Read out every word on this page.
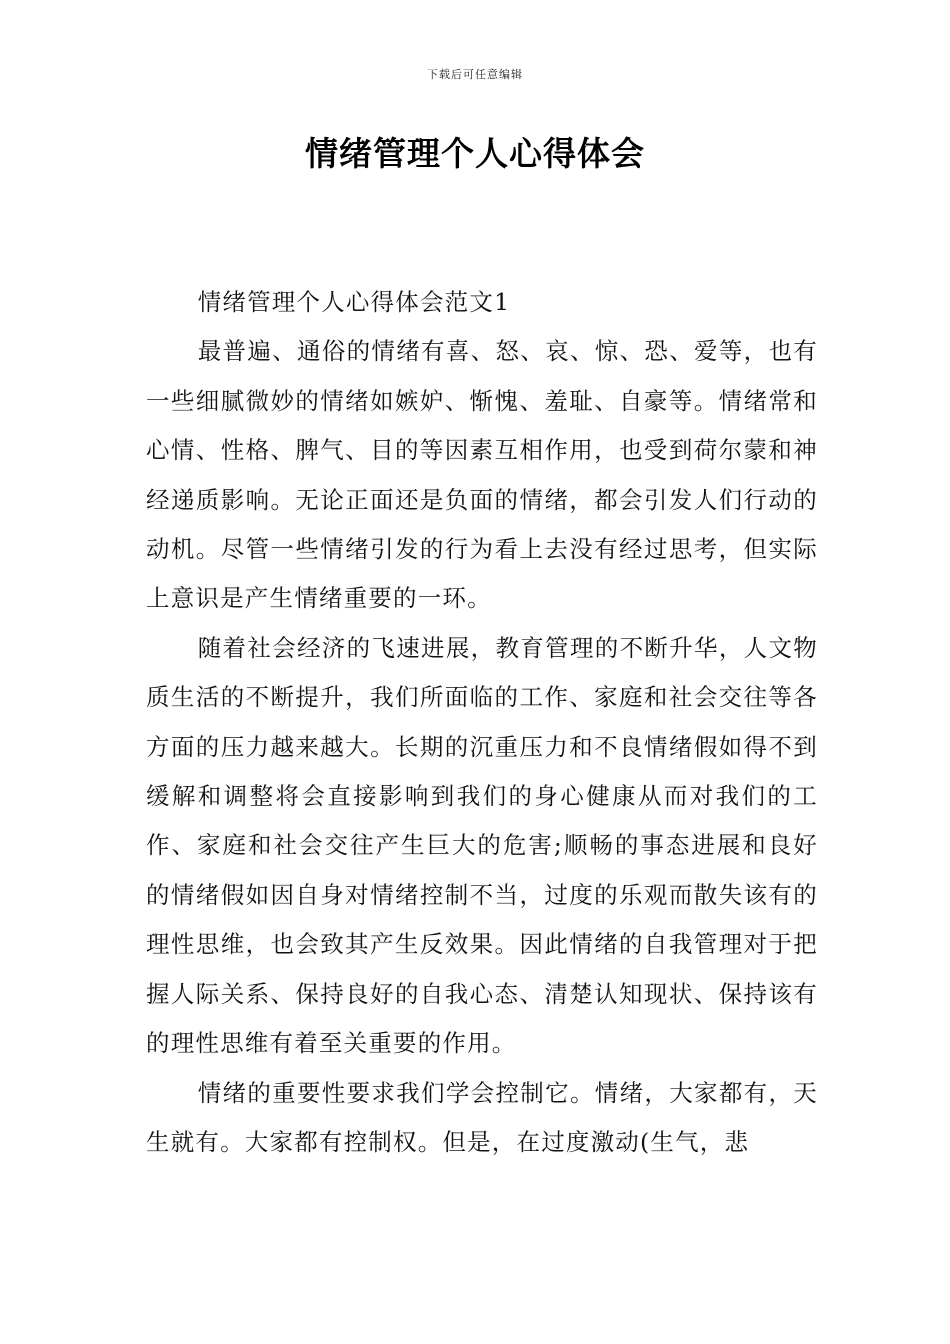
下载后可任意编辑
情绪管理个人心得体会

情绪管理个人心得体会范文1

最普遍、通俗的情绪有喜、怒、哀、惊、恐、爱等，也有一些细腻微妙的情绪如嫉妒、惭愧、羞耻、自豪等。情绪常和心情、性格、脾气、目的等因素互相作用，也受到荷尔蒙和神经递质影响。无论正面还是负面的情绪，都会引发人们行动的动机。尽管一些情绪引发的行为看上去没有经过思考，但实际上意识是产生情绪重要的一环。

随着社会经济的飞速进展，教育管理的不断升华，人文物质生活的不断提升，我们所面临的工作、家庭和社会交往等各方面的压力越来越大。长期的沉重压力和不良情绪假如得不到缓解和调整将会直接影响到我们的身心健康从而对我们的工作、家庭和社会交往产生巨大的危害;顺畅的事态进展和良好的情绪假如因自身对情绪控制不当，过度的乐观而散失该有的理性思维，也会致其产生反效果。因此情绪的自我管理对于把握人际关系、保持良好的自我心态、清楚认知现状、保持该有的理性思维有着至关重要的作用。

情绪的重要性要求我们学会控制它。情绪，大家都有，天生就有。大家都有控制权。但是，在过度激动(生气，悲
